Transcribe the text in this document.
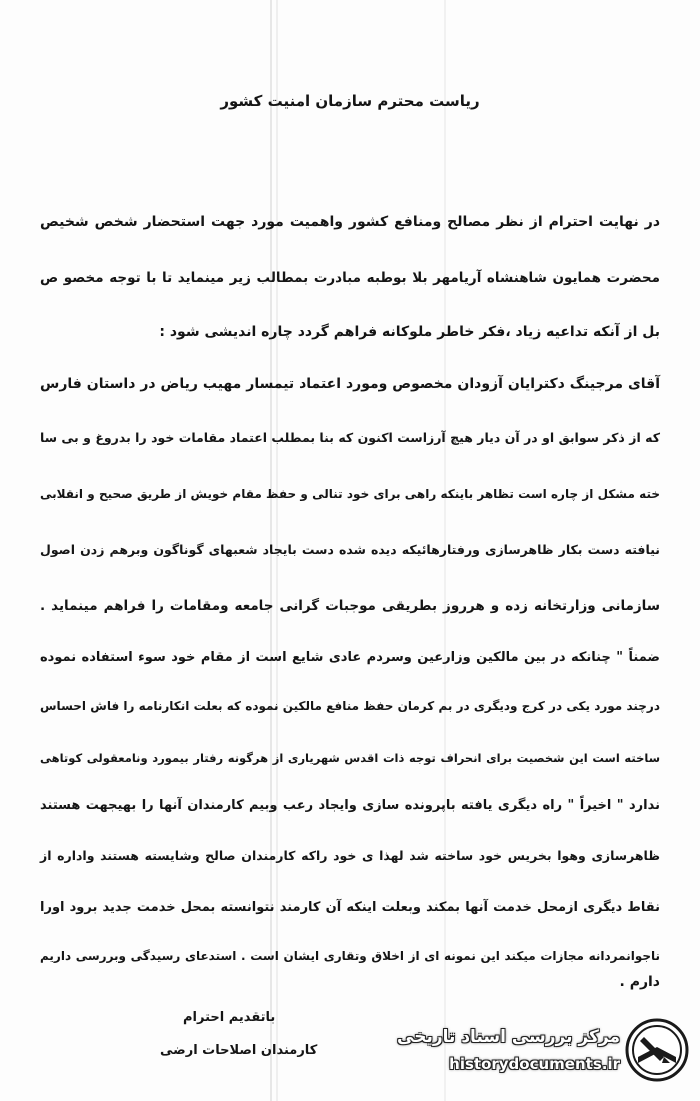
ریاست محترم سازمان امنیت کشور
در نهایت احترام از نظر مصالح ومنافع کشور واهمیت مورد جهت استحضار شخص شخیص
محضرت همایون شاهنشاه آریامهر بلا بوطبه مبادرت بمطالب زیر مینماید تا با توجه مخصو ص
بل از آنکه تداعیه زیاد ،فکر خاطر ملوکانه فراهم گردد چاره اندیشی شود :
آقای مرجینگ دکترایان آزودان مخصوص ومورد اعتماد تیمسار مهیب ریاض در داستان فارس
که از ذکر سوابق او در آن دیار هیچ آرزاست اکنون که بنا بمطلب اعتماد مقامات خود را بدروغ و بی سا
خته مشکل از چاره است تظاهر باینکه راهی برای خود تنالی و حفظ مقام خویش از طریق صحیح و انقلابی
نیافته دست بکار ظاهرسازی ورفتارهائیکه دیده شده دست بایجاد شعبهای گوناگون وبرهم زدن اصول
سازمانی وزارتخانه زده و هرروز بطریقی موجبات گرانی جامعه ومقامات را فراهم مینماید .
ضمناً " چنانکه در بین مالکین وزارعین وسردم عادی شایع است از مقام خود سوء استفاده نموده
درچند مورد یکی در کرج ودیگری در بم کرمان حفظ منافع مالکین نموده که بعلت انکارنامه را فاش احساس
ساخته است این شخصیت برای انحراف توجه ذات اقدس شهریاری از هرگونه رفتار بیمورد ونامعقولی کوتاهی
ندارد " اخیراً " راه دیگری یافته باپرونده سازی وایجاد رعب وبیم کارمندان آنها را بهیجهت هستند
ظاهرسازی وهوا بخریس خود ساخته شد لهذا ی خود راکه کارمندان صالح وشایسته هستند واداره از
نقاط دیگری ازمحل خدمت آنها بمکند وبعلت اینکه آن کارمند نتوانسته بمحل خدمت جدید برود اورا
ناجوانمردانه مجازات میکند این نمونه ای از اخلاق وتقاری ایشان است . استدعای رسیدگی وبررسی داریم
دارم .
باتقدیم احترام
کارمندان اصلاحات ارضی
مرکز بررسی اسناد تاریخی
historydocuments.ir
